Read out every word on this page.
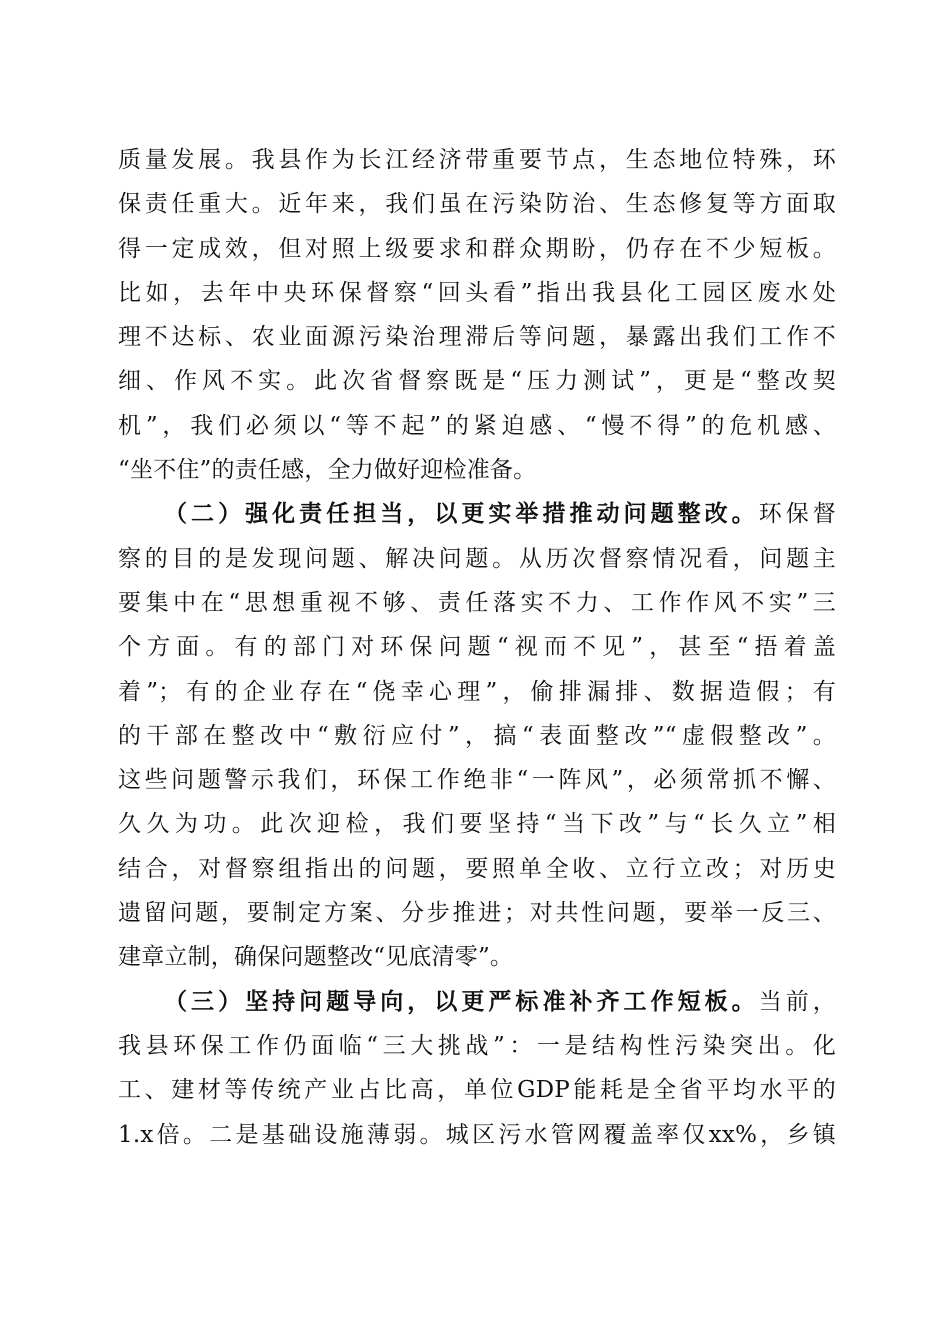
质量发展。我县作为长江经济带重要节点，生态地位特殊，环
保责任重大。近年来，我们虽在污染防治、生态修复等方面取
得一定成效，但对照上级要求和群众期盼，仍存在不少短板。
比如，去年中央环保督察“回头看”指出我县化工园区废水处
理不达标、农业面源污染治理滞后等问题，暴露出我们工作不
细、作风不实。此次省督察既是“压力测试”，更是“整改契
机”，我们必须以“等不起”的紧迫感、“慢不得”的危机感、
“坐不住”的责任感，全力做好迎检准备。
（二）强化责任担当，以更实举措推动问题整改。环保督
察的目的是发现问题、解决问题。从历次督察情况看，问题主
要集中在“思想重视不够、责任落实不力、工作作风不实”三
个方面。有的部门对环保问题“视而不见”，甚至“捂着盖
着”；有的企业存在“侥幸心理”，偷排漏排、数据造假；有
的干部在整改中“敷衍应付”，搞“表面整改”“虚假整改”。
这些问题警示我们，环保工作绝非“一阵风”，必须常抓不懈、
久久为功。此次迎检，我们要坚持“当下改”与“长久立”相
结合，对督察组指出的问题，要照单全收、立行立改；对历史
遗留问题，要制定方案、分步推进；对共性问题，要举一反三、
建章立制，确保问题整改“见底清零”。
（三）坚持问题导向，以更严标准补齐工作短板。当前，
我县环保工作仍面临“三大挑战”：一是结构性污染突出。化
工、建材等传统产业占比高，单位GDP能耗是全省平均水平的
1.x倍。二是基础设施薄弱。城区污水管网覆盖率仅xx%，乡镇
